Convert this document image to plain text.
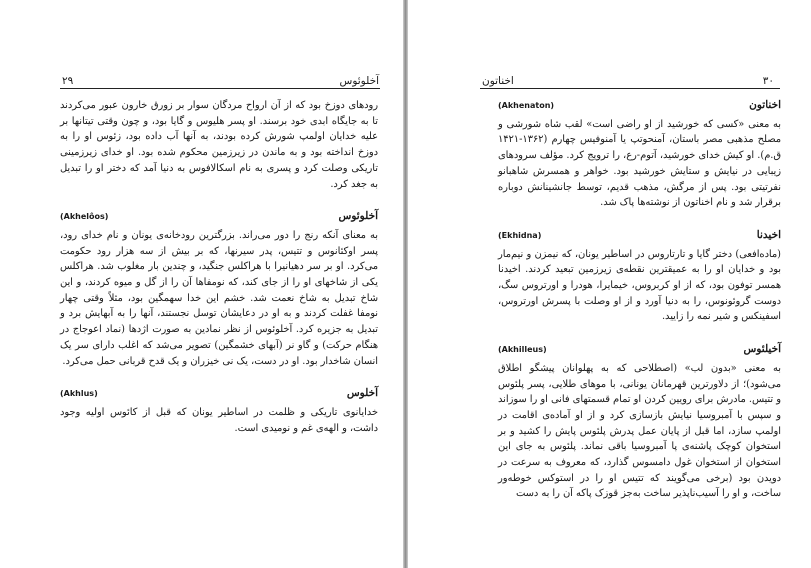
آخلوئوس
۲۹

رودهای دوزخ بود که از آن ارواح مردگان سوار بر زورق خارون عبور می‌کردند تا به جایگاه ابدی خود برسند. او پسر هلیوس و گایا بود، و چون وقتی تیتانها بر علیه خدایان اولمپ شورش کرده بودند، به آنها آب داده بود، زئوس او را به دوزخ انداخته بود و به ماندن در زیرزمین محکوم شده بود. او خدای زیرزمینی تاریکی وصلت کرد و پسری به نام اسکالافوس به دنیا آمد که دختر او را تبدیل به جغد کرد.

آخلوئوس
(Akhelôos)

به معنای آنکه رنج را دور می‌راند. بزرگترین رودخانه‌ی یونان و نام خدای رود، پسر اوکئانوس و تتیس، پدر سیرنها، که بر بیش از سه هزار رود حکومت می‌کرد. او بر سر دهیانیرا با هراکلس جنگید، و چندین بار مغلوب شد. هراکلس یکی از شاخهای او را از جای کند، که نومفاها آن را از گل و میوه کردند، و این شاخ تبدیل به شاخ نعمت شد. خشم این خدا سهمگین بود، مثلاً وقتی چهار نومفا غفلت کردند و به او در دعایشان توسل نجستند، آنها را به آبهایش برد و تبدیل به جزیره کرد. آخلوئوس از نظر نمادین به صورت اژدها (نماد اعوجاج در هنگام حرکت) و گاو نر (آبهای خشمگین) تصویر می‌شد که اغلب دارای سر یک انسان شاخدار بود. او در دست، یک نی خیزران و یک قدح قربانی حمل می‌کرد.

آخلوس
(Akhlus)

خدایانوی تاریکی و ظلمت در اساطیر یونان که قبل از کائوس اولیه وجود داشت، و الهه‌ی غم و نومیدی است.

اخناتون	۳۰
اخناتون
(Akhenaton)

به معنی «کسی که خورشید از او راضی است» لقب شاه شورشی و مصلح مذهبی مصر باستان، آمنحوتپ یا آمنوفیس چهارم (۱۳۶۲-۱۴۲۱ ق.م). او کیش خدای خورشید، آتوم-رع، را ترویج کرد. مؤلف سرودهای زیبایی در نیایش و ستایش خورشید بود. خواهر و همسرش شاهبانو نفرتیتی بود. پس از مرگش، مذهب قدیم، توسط جانشینانش دوباره برقرار شد و نام اخناتون از نوشته‌ها پاک شد.

اخیدنا
(Ekhidna)

(ماده‌افعی) دختر گایا و تارتاروس در اساطیر یونان، که نیمزن و نیم‌مار بود و خدایان او را به عمیقترین نقطه‌ی زیرزمین تبعید کردند. اخیدنا همسر توفون بود، که از او کربروس، خیمایرا، هودرا و اورتروس سگ، دوست گروئونوس، را به دنیا آورد و از او وصلت با پسرش اورتروس، اسفینکس و شیر نمه را زایید.

آخیلئوس
(Akhilleus)

به معنی «بدون لب» (اصطلاحی که به پهلوانان پیشگو اطلاق می‌شود)؛ از دلاورترین قهرمانان یونانی، با موهای طلایی، پسر پلئوس و تتیس. مادرش برای رویین کردن او تمام قسمتهای فانی او را سوزاند و سپس با آمبروسیا نیایش بازسازی کرد و از او آماده‌ی اقامت در اولمپ سازد، اما قبل از پایان عمل پدرش پلئوس پایش را کشید و بر استخوان کوچک پاشنه‌ی پا آمبروسیا باقی نماند. پلئوس به جای این استخوان از استخوان غول دامسوس گذارد، که معروف به سرعت در دویدن بود (برخی می‌گویند که تتیس او را در استوکس خوطه‌ور ساخت، و او را آسیب‌ناپذیر ساخت به‌جز قوزک پاکه آن را به دست
